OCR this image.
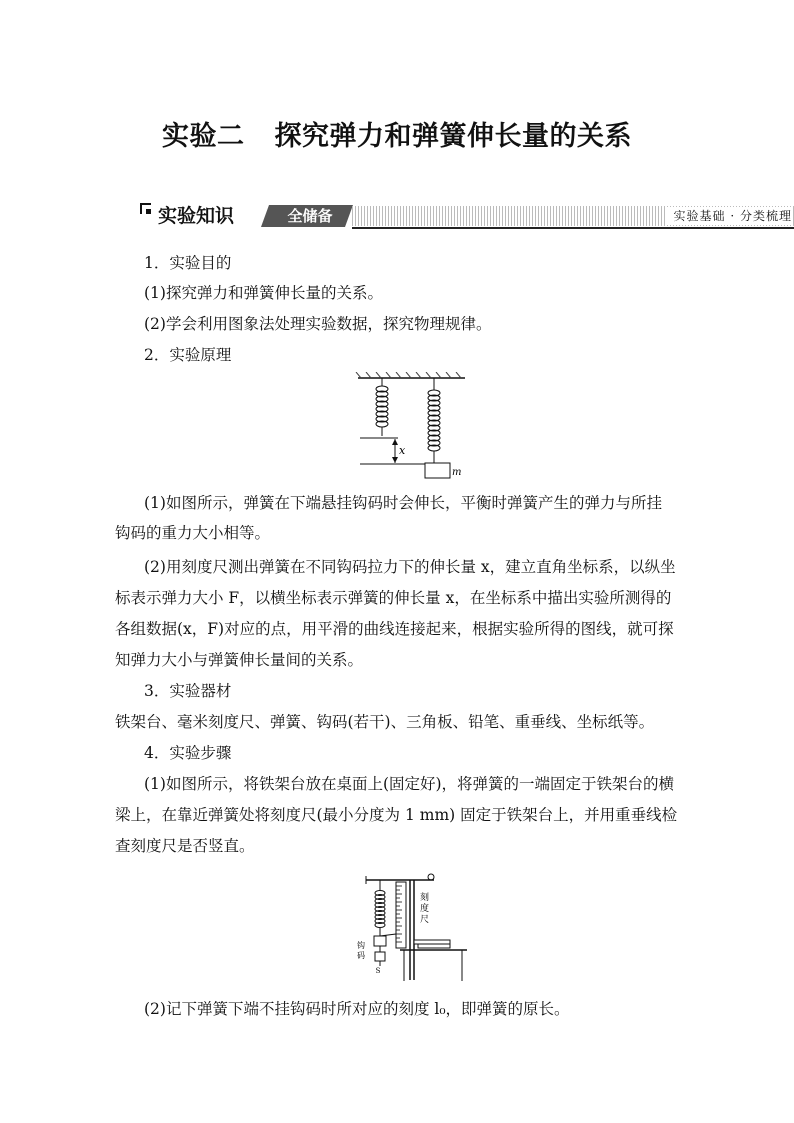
实验二 探究弹力和弹簧伸长量的关系
实验知识	全储备	实验基础 · 分类梳理
1．实验目的
(1)探究弹力和弹簧伸长量的关系。
(2)学会利用图象法处理实验数据，探究物理规律。
2．实验原理
x
m
(1)如图所示，弹簧在下端悬挂钩码时会伸长，平衡时弹簧产生的弹力与所挂
钩码的重力大小相等。
(2)用刻度尺测出弹簧在不同钩码拉力下的伸长量 x，建立直角坐标系，以纵坐
标表示弹力大小 F，以横坐标表示弹簧的伸长量 x，在坐标系中描出实验所测得的
各组数据(x，F)对应的点，用平滑的曲线连接起来，根据实验所得的图线，就可探
知弹力大小与弹簧伸长量间的关系。
3．实验器材
铁架台、毫米刻度尺、弹簧、钩码(若干)、三角板、铅笔、重垂线、坐标纸等。
4．实验步骤
(1)如图所示，将铁架台放在桌面上(固定好)，将弹簧的一端固定于铁架台的横
梁上，在靠近弹簧处将刻度尺(最小分度为 1 mm) 固定于铁架台上，并用重垂线检
查刻度尺是否竖直。
S
刻
度
尺
钩
码
(2)记下弹簧下端不挂钩码时所对应的刻度 l₀，即弹簧的原长。
